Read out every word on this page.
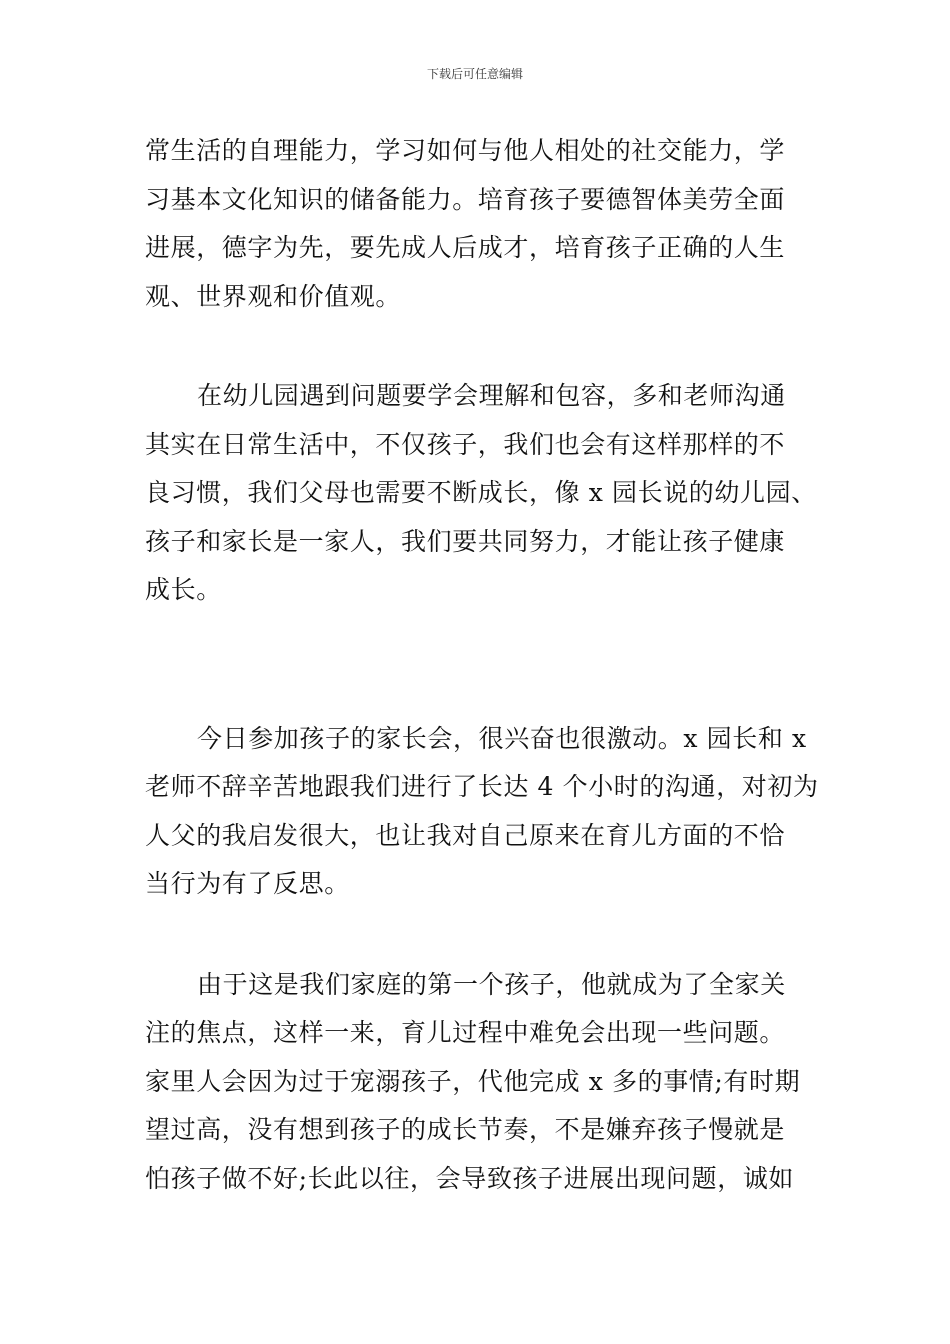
下载后可任意编辑
常生活的自理能力，学习如何与他人相处的社交能力，学
习基本文化知识的储备能力。培育孩子要德智体美劳全面
进展，德字为先，要先成人后成才，培育孩子正确的人生
观、世界观和价值观。
在幼儿园遇到问题要学会理解和包容，多和老师沟通
其实在日常生活中，不仅孩子，我们也会有这样那样的不
良习惯，我们父母也需要不断成长，像 x 园长说的幼儿园、
孩子和家长是一家人，我们要共同努力，才能让孩子健康
成长。
今日参加孩子的家长会，很兴奋也很激动。x 园长和 x
老师不辞辛苦地跟我们进行了长达 4 个小时的沟通，对初为
人父的我启发很大，也让我对自己原来在育儿方面的不恰
当行为有了反思。
由于这是我们家庭的第一个孩子，他就成为了全家关
注的焦点，这样一来，育儿过程中难免会出现一些问题。
家里人会因为过于宠溺孩子，代他完成 x 多的事情;有时期
望过高，没有想到孩子的成长节奏，不是嫌弃孩子慢就是
怕孩子做不好;长此以往，会导致孩子进展出现问题，诚如
